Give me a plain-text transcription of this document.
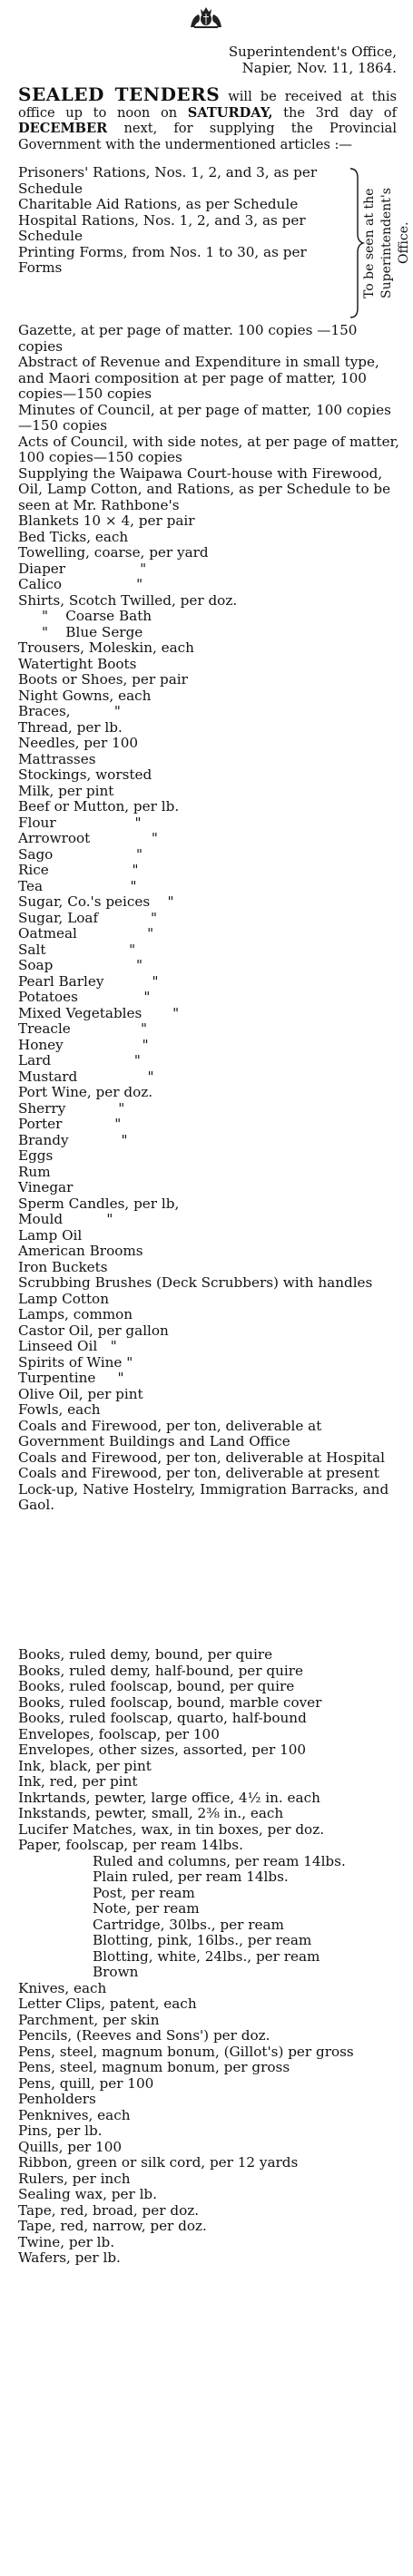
Superintendent's Office,
Napier, Nov. 11, 1864.
SEALED TENDERS will be received at this office up to noon on SATURDAY, the 3rd day of DECEMBER next, for supplying the Provincial Government with the undermentioned articles :—
Prisoners' Rations, Nos. 1, 2, and 3, as per Schedule
Charitable Aid Rations, as per Schedule
Hospital Rations, Nos. 1, 2, and 3, as per Schedule
Printing Forms, from Nos. 1 to 30, as per Forms	To be seen at the Superintendent's Office.
Gazette, at per page of matter. 100 copies —150 copies
Abstract of Revenue and Expenditure in small type, and Maori composition at per page of matter, 100 copies—150 copies
Minutes of Council, at per page of matter, 100 copies—150 copies
Acts of Council, with side notes, at per page of matter, 100 copies—150 copies
Supplying the Waipawa Court-house with Firewood, Oil, Lamp Cotton, and Rations, as per Schedule to be seen at Mr. Rathbone's
Blankets 10 × 4, per pair
Bed Ticks, each
Towelling, coarse, per yard
Diaper                 "
Calico                 "
Shirts, Scotch Twilled, per doz.
"    Coarse Bath
"    Blue Serge
Trousers, Moleskin, each
Watertight Boots
Boots or Shoes, per pair
Night Gowns, each
Braces,          "
Thread, per lb.
Needles, per 100
Mattrasses
Stockings, worsted
Milk, per pint
Beef or Mutton, per lb.
Flour                  "
Arrowroot              "
Sago                   "
Rice                   "
Tea                    "
Sugar, Co.'s peices    "
Sugar, Loaf            "
Oatmeal                "
Salt                   "
Soap                   "
Pearl Barley           "
Potatoes               "
Mixed Vegetables       "
Treacle                "
Honey                  "
Lard                   "
Mustard                "
Port Wine, per doz.
Sherry            "
Porter            "
Brandy            "
Eggs
Rum
Vinegar
Sperm Candles, per lb,
Mould          "
Lamp Oil
American Brooms
Iron Buckets
Scrubbing Brushes (Deck Scrubbers) with handles
Lamp Cotton
Lamps, common
Castor Oil, per gallon
Linseed Oil   "
Spirits of Wine "
Turpentine     "
Olive Oil, per pint
Fowls, each
Coals and Firewood, per ton, deliverable at Government Buildings and Land Office
Coals and Firewood, per ton, deliverable at Hospital
Coals and Firewood, per ton, deliverable at present Lock-up, Native Hostelry, Immigration Barracks, and Gaol.
Books, ruled demy, bound, per quire
Books, ruled demy, half-bound, per quire
Books, ruled foolscap, bound, per quire
Books, ruled foolscap, bound, marble cover
Books, ruled foolscap, quarto, half-bound
Envelopes, foolscap, per 100
Envelopes, other sizes, assorted, per 100
Ink, black, per pint
Ink, red, per pint
Inkrtands, pewter, large office, 4½ in. each
Inkstands, pewter, small, 2⅜ in., each
Lucifer Matches, wax, in tin boxes, per doz.
Paper, foolscap, per ream 14lbs.
Ruled and columns, per ream 14lbs.
Plain ruled, per ream 14lbs.
Post, per ream
Note, per ream
Cartridge, 30lbs., per ream
Blotting, pink, 16lbs., per ream
Blotting, white, 24lbs., per ream
Brown
Knives, each
Letter Clips, patent, each
Parchment, per skin
Pencils, (Reeves and Sons') per doz.
Pens, steel, magnum bonum, (Gillot's) per gross
Pens, steel, magnum bonum, per gross
Pens, quill, per 100
Penholders
Penknives, each
Pins, per lb.
Quills, per 100
Ribbon, green or silk cord, per 12 yards
Rulers, per inch
Sealing wax, per lb.
Tape, red, broad, per doz.
Tape, red, narrow, per doz.
Twine, per lb.
Wafers, per lb.
